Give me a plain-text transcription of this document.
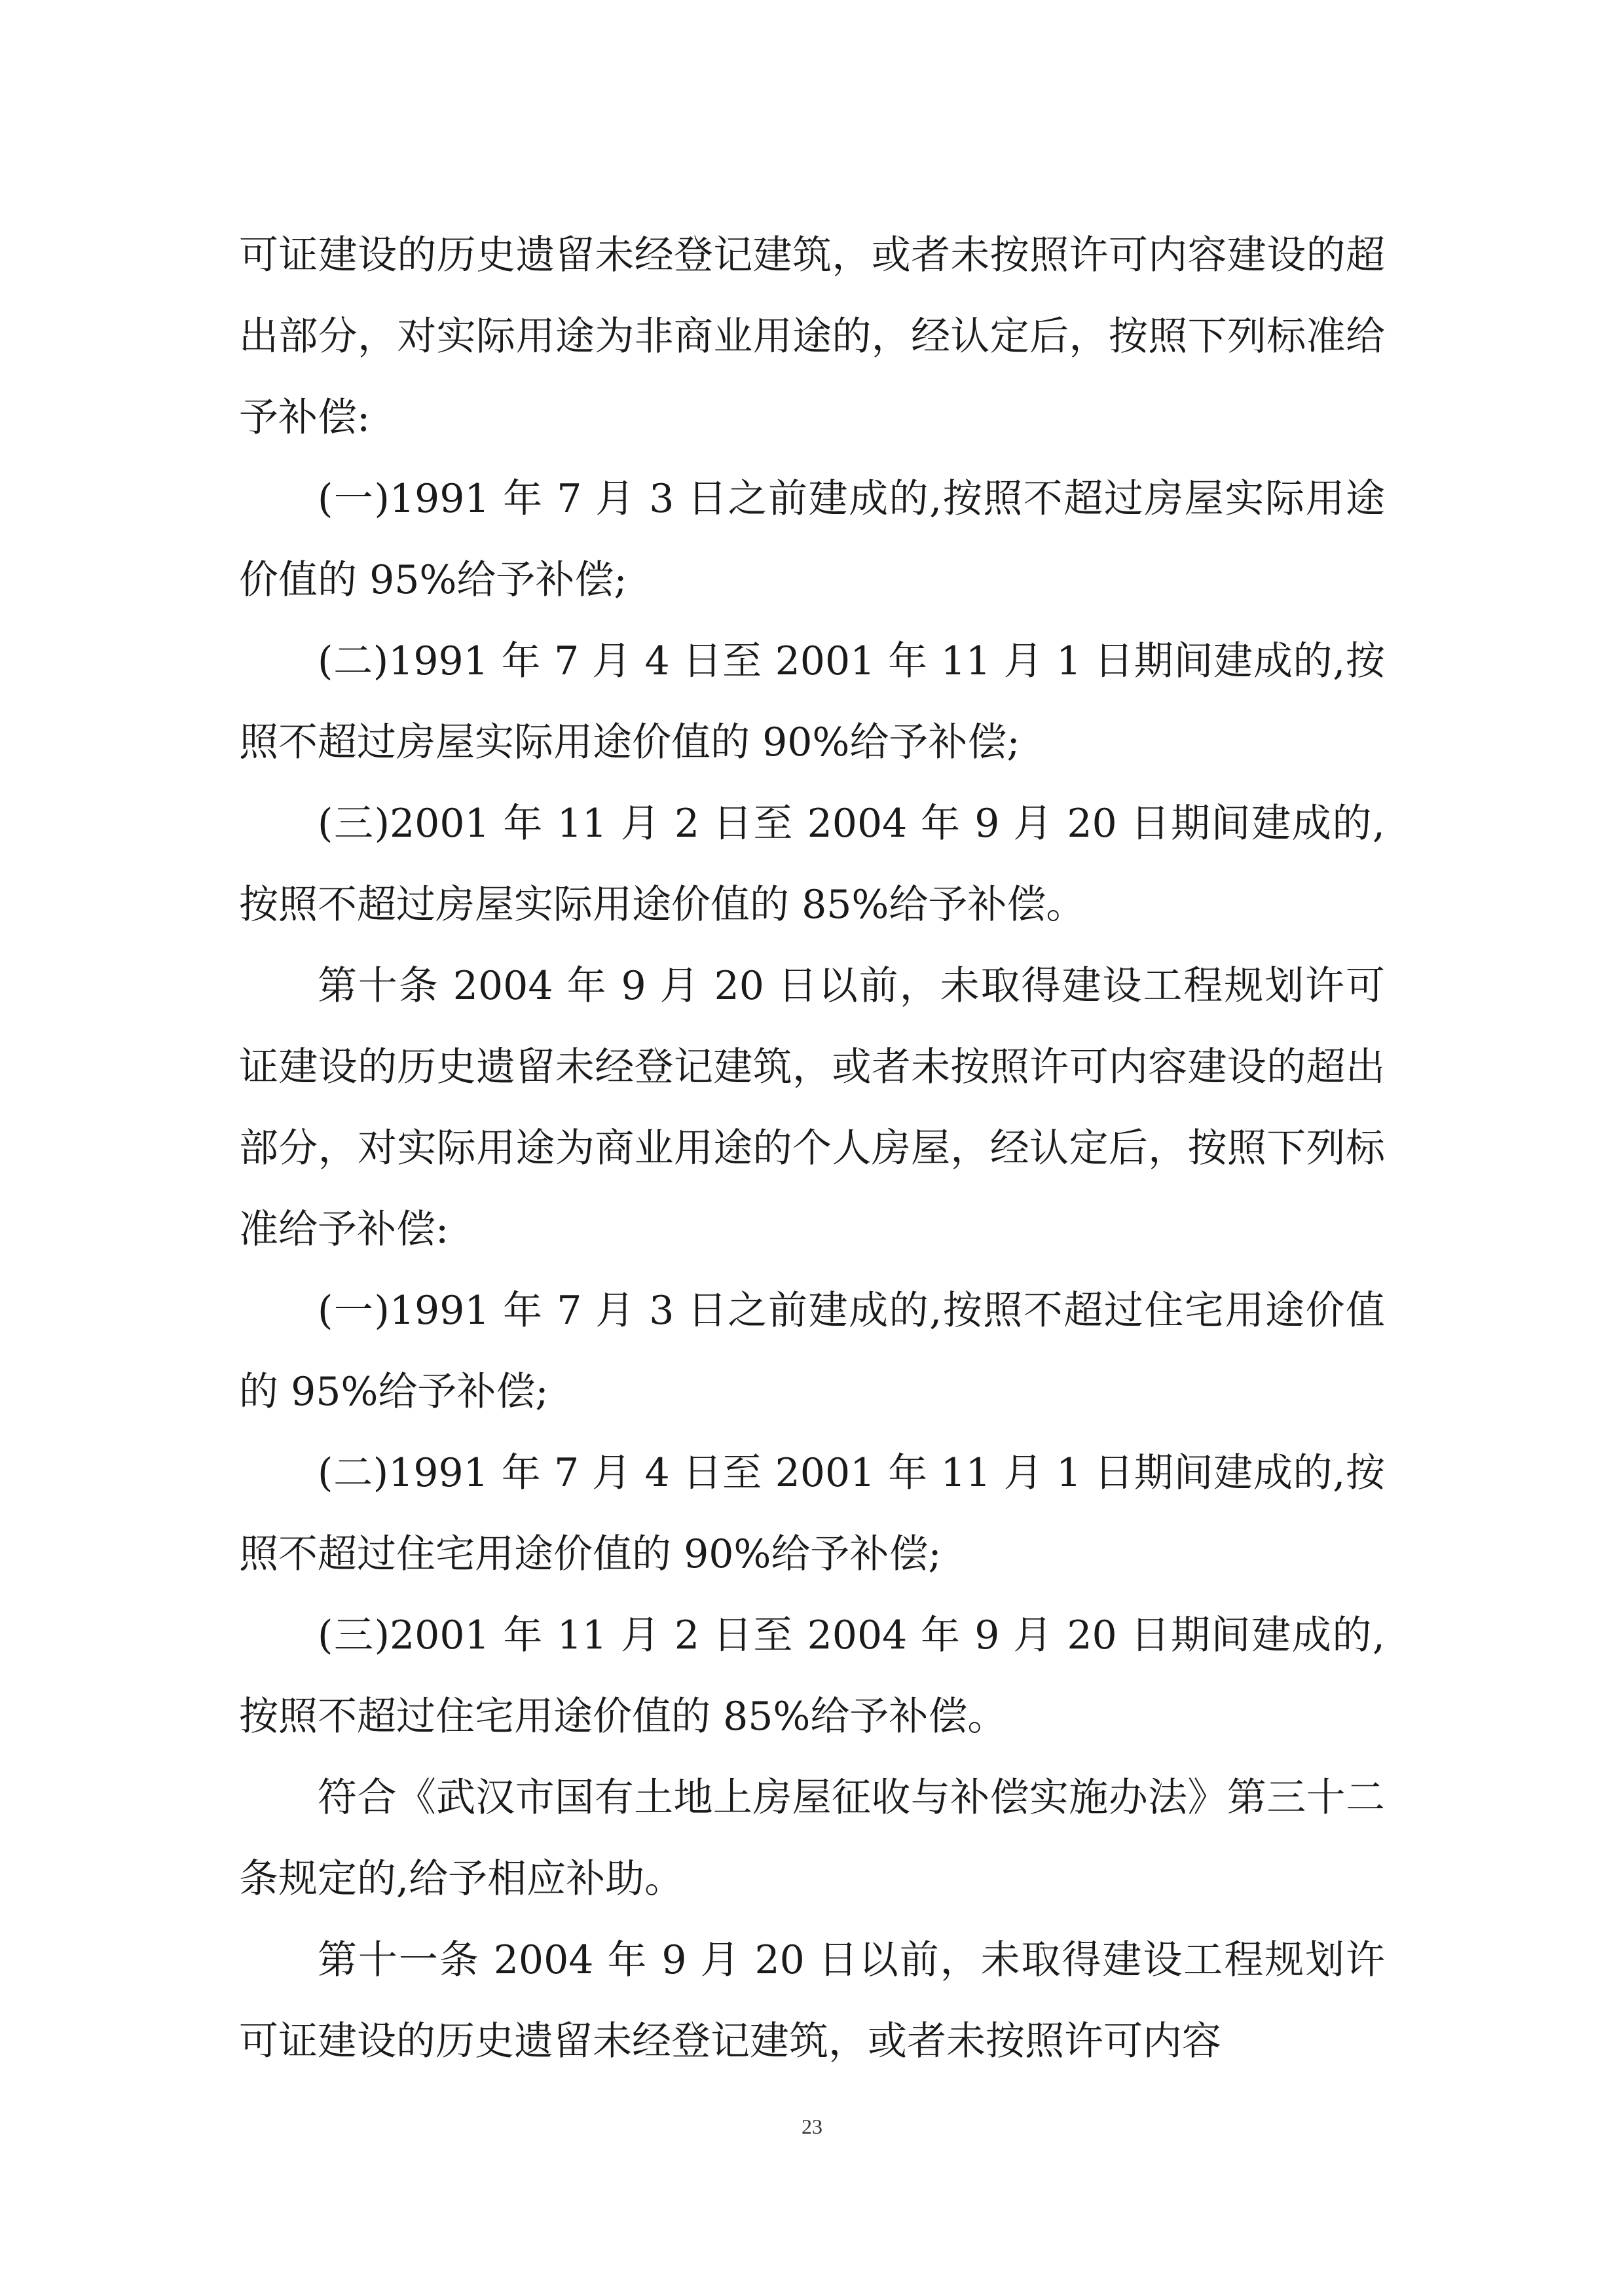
可证建设的历史遗留未经登记建筑，或者未按照许可内容建设的超出部分，对实际用途为非商业用途的，经认定后，按照下列标准给予补偿:

(一)1991 年 7 月 3 日之前建成的,按照不超过房屋实际用途价值的 95%给予补偿;

(二)1991 年 7 月 4 日至 2001 年 11 月 1 日期间建成的,按照不超过房屋实际用途价值的 90%给予补偿;

(三)2001 年 11 月 2 日至 2004 年 9 月 20 日期间建成的,按照不超过房屋实际用途价值的 85%给予补偿。

第十条 2004 年 9 月 20 日以前，未取得建设工程规划许可证建设的历史遗留未经登记建筑，或者未按照许可内容建设的超出部分，对实际用途为商业用途的个人房屋，经认定后，按照下列标准给予补偿:

(一)1991 年 7 月 3 日之前建成的,按照不超过住宅用途价值的 95%给予补偿;

(二)1991 年 7 月 4 日至 2001 年 11 月 1 日期间建成的,按照不超过住宅用途价值的 90%给予补偿;

(三)2001 年 11 月 2 日至 2004 年 9 月 20 日期间建成的,按照不超过住宅用途价值的 85%给予补偿。

符合《武汉市国有土地上房屋征收与补偿实施办法》第三十二条规定的,给予相应补助。

第十一条 2004 年 9 月 20 日以前，未取得建设工程规划许可证建设的历史遗留未经登记建筑，或者未按照许可内容

23
